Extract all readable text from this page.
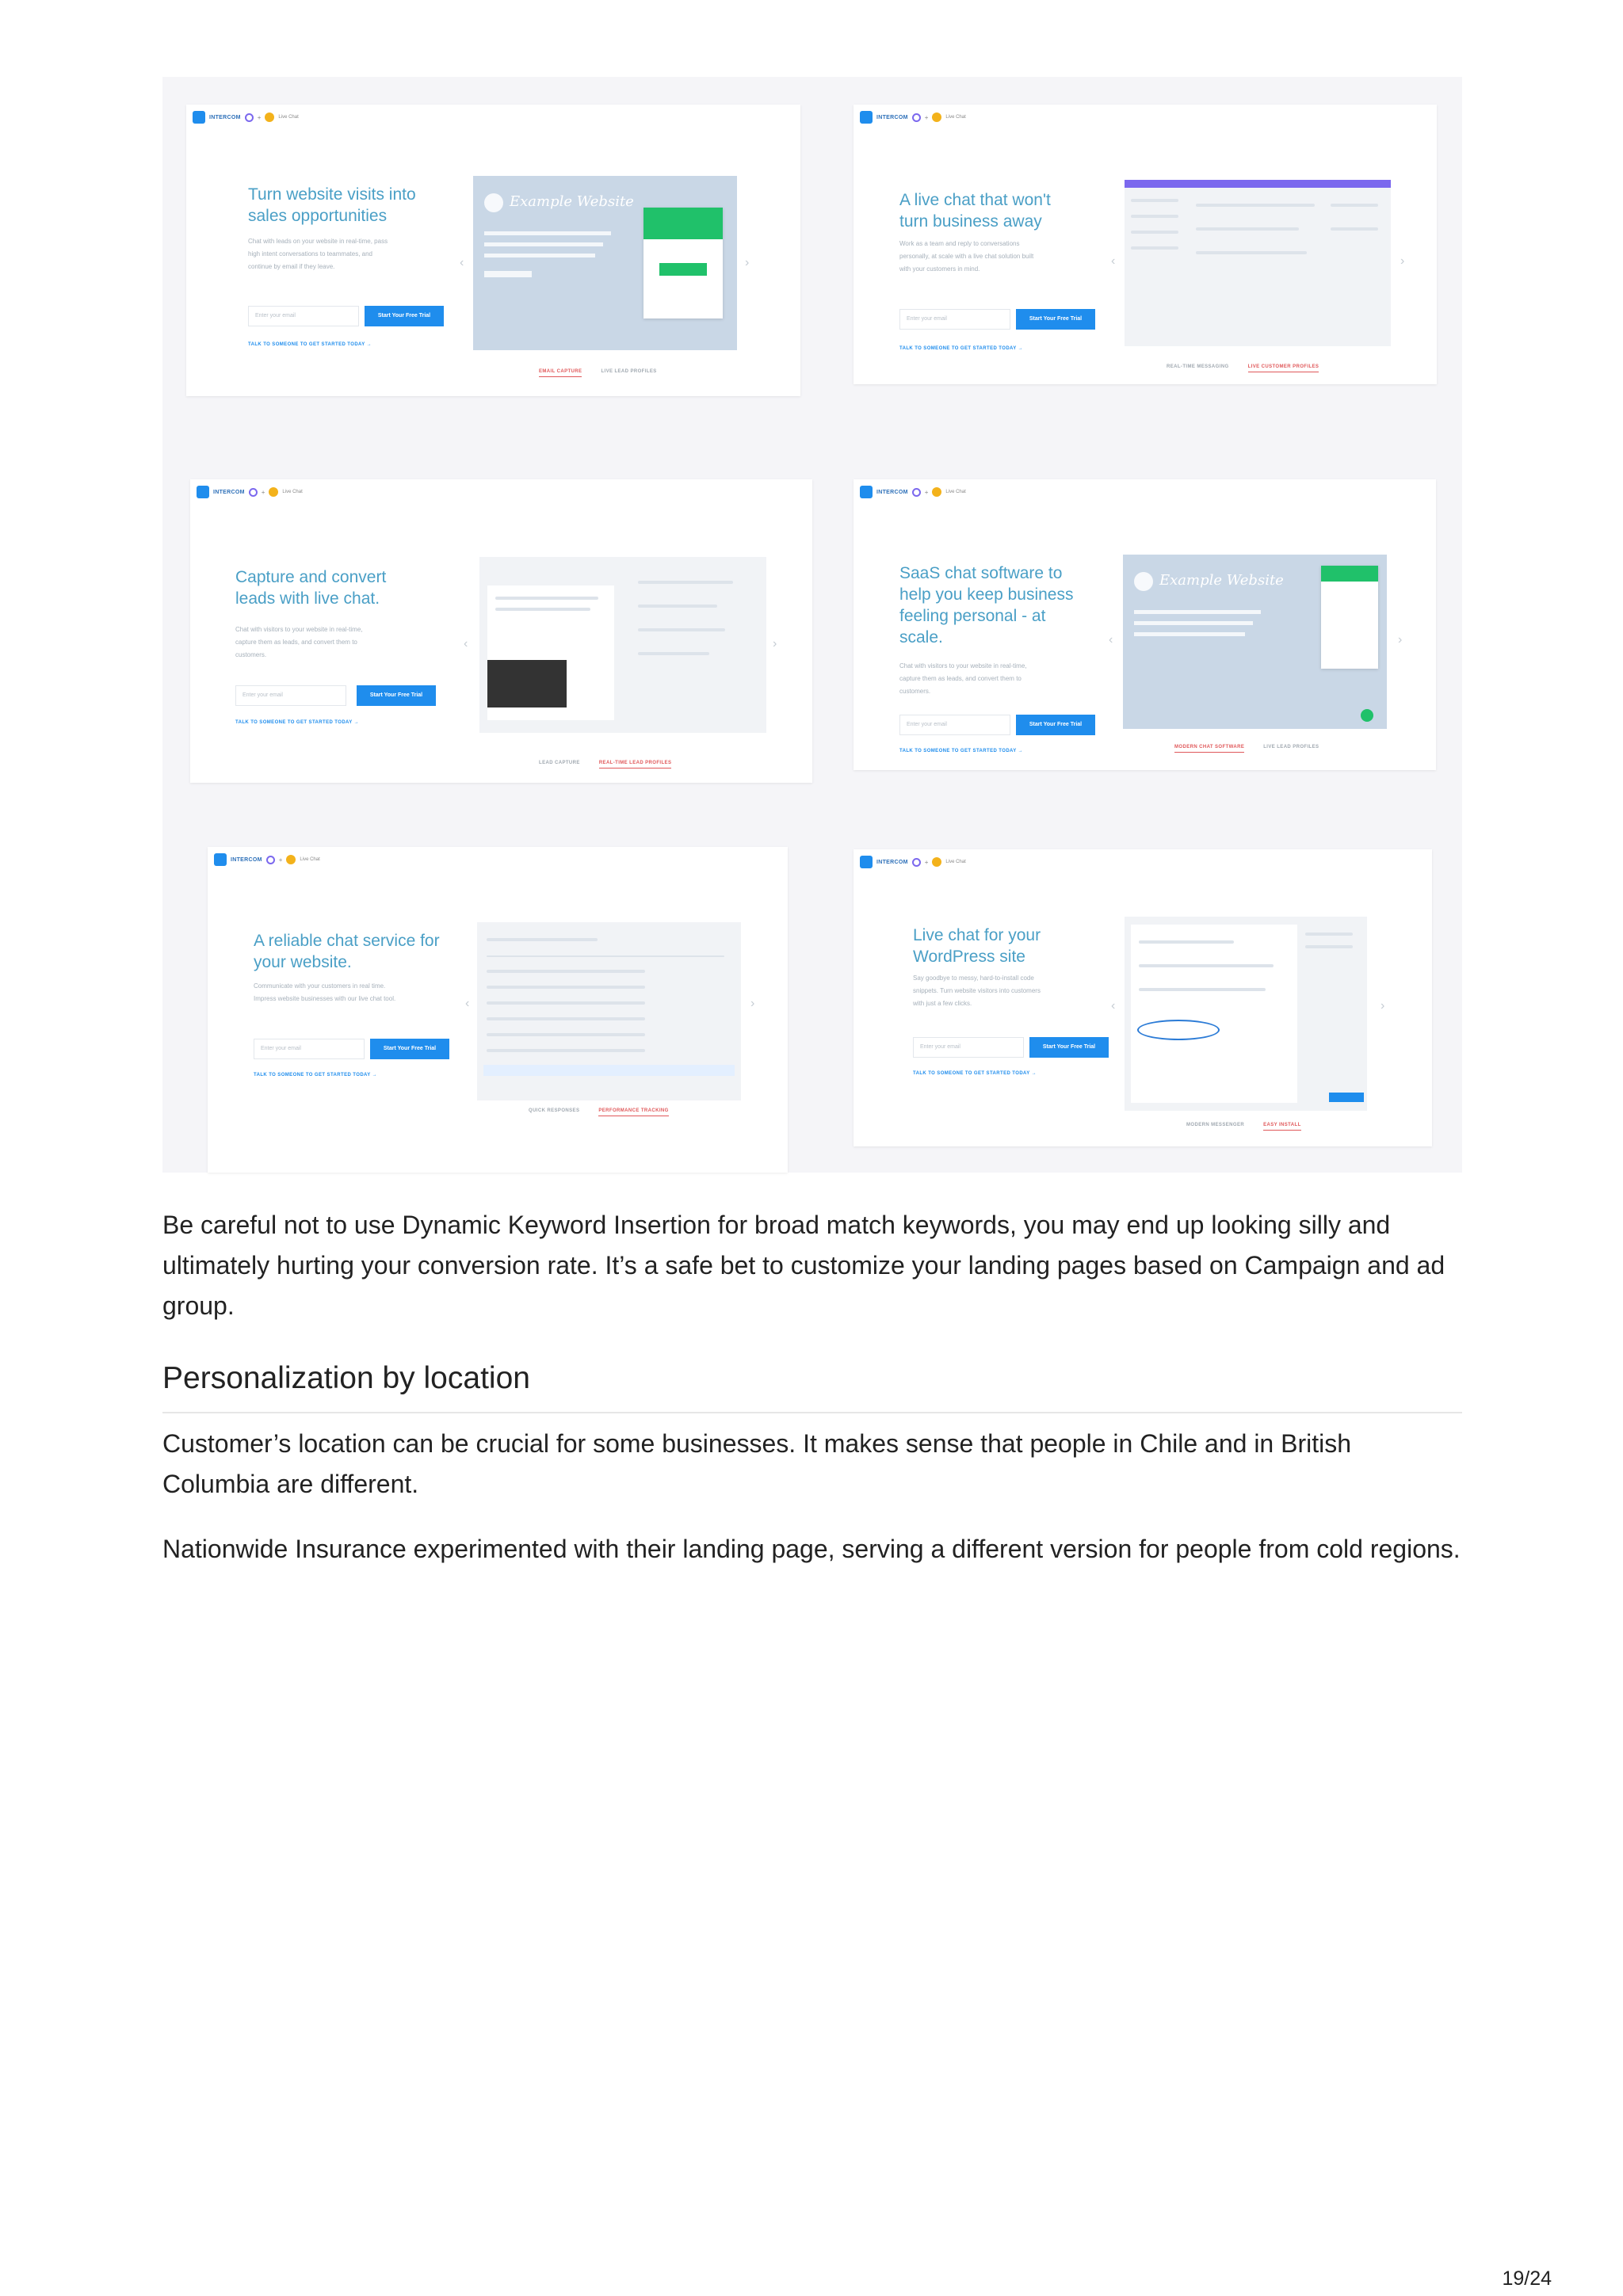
INTERCOM	+	Live Chat
Turn website visits into sales opportunities
Chat with leads on your website in real-time, pass high intent conversations to teammates, and continue by email if they leave.
Enter your email	Start Your Free Trial
TALK TO SOMEONE TO GET STARTED TODAY →
‹
Example Website
›
EMAIL CAPTURE	LIVE LEAD PROFILES
INTERCOM	+	Live Chat
A live chat that won't turn business away
Work as a team and reply to conversations personally, at scale with a live chat solution built with your customers in mind.
Enter your email	Start Your Free Trial
TALK TO SOMEONE TO GET STARTED TODAY →
‹	›
REAL-TIME MESSAGING	LIVE CUSTOMER PROFILES
INTERCOM	+	Live Chat
Capture and convert leads with live chat.
Chat with visitors to your website in real-time, capture them as leads, and convert them to customers.
Enter your email	Start Your Free Trial
TALK TO SOMEONE TO GET STARTED TODAY →
‹	›
LEAD CAPTURE	REAL-TIME LEAD PROFILES
INTERCOM	+	Live Chat
SaaS chat software to help you keep business feeling personal - at scale.
Chat with visitors to your website in real-time, capture them as leads, and convert them to customers.
Enter your email	Start Your Free Trial
TALK TO SOMEONE TO GET STARTED TODAY →
‹
Example Website
›
MODERN CHAT SOFTWARE	LIVE LEAD PROFILES
INTERCOM	+	Live Chat
A reliable chat service for your website.
Communicate with your customers in real time. Impress website businesses with our live chat tool.
Enter your email	Start Your Free Trial
TALK TO SOMEONE TO GET STARTED TODAY →
‹	›
QUICK RESPONSES	PERFORMANCE TRACKING
INTERCOM	+	Live Chat
Live chat for your WordPress site
Say goodbye to messy, hard-to-install code snippets. Turn website visitors into customers with just a few clicks.
Enter your email	Start Your Free Trial
TALK TO SOMEONE TO GET STARTED TODAY →
‹	›
MODERN MESSENGER	EASY INSTALL

Be careful not to use Dynamic Keyword Insertion for broad match keywords, you may end up looking silly and ultimately hurting your conversion rate. It’s a safe bet to customize your landing pages based on Campaign and ad group.

Personalization by location

Customer’s location can be crucial for some businesses. It makes sense that people in Chile and in British Columbia are different.

Nationwide Insurance experimented with their landing page, serving a different version for people from cold regions.

19/24
